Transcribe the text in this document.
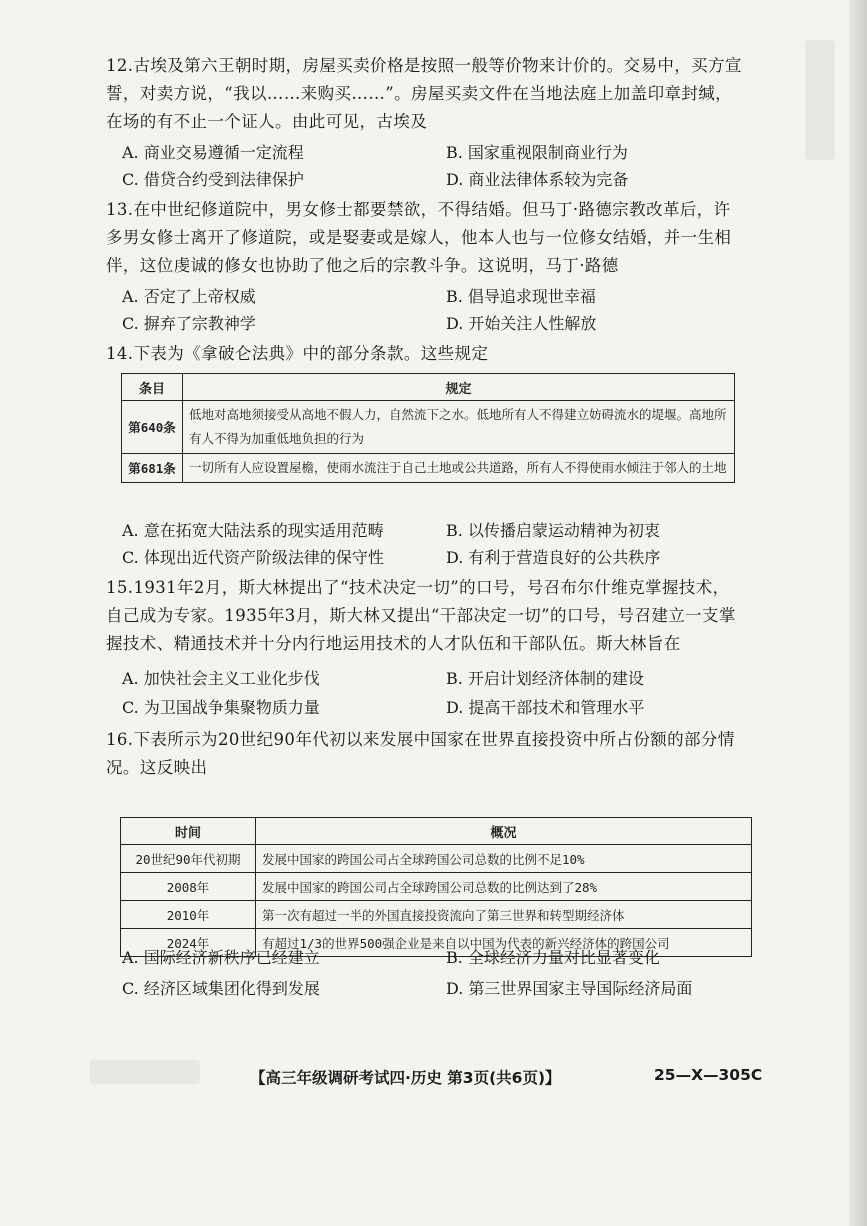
12.古埃及第六王朝时期，房屋买卖价格是按照一般等价物来计价的。交易中，买方宣誓，对卖方说，“我以……来购买……”。房屋买卖文件在当地法庭上加盖印章封缄，在场的有不止一个证人。由此可见，古埃及
A. 商业交易遵循一定流程	B. 国家重视限制商业行为
C. 借贷合约受到法律保护	D. 商业法律体系较为完备
13.在中世纪修道院中，男女修士都要禁欲，不得结婚。但马丁·路德宗教改革后，许多男女修士离开了修道院，或是娶妻或是嫁人，他本人也与一位修女结婚，并一生相伴，这位虔诚的修女也协助了他之后的宗教斗争。这说明，马丁·路德
A. 否定了上帝权威	B. 倡导追求现世幸福
C. 摒弃了宗教神学	D. 开始关注人性解放
14.下表为《拿破仑法典》中的部分条款。这些规定
条目	规定
第640条	低地对高地须接受从高地不假人力，自然流下之水。低地所有人不得建立妨碍流水的堤堰。高地所有人不得为加重低地负担的行为
第681条	一切所有人应设置屋檐，使雨水流注于自己土地或公共道路，所有人不得使雨水倾注于邻人的土地
A. 意在拓宽大陆法系的现实适用范畴	B. 以传播启蒙运动精神为初衷
C. 体现出近代资产阶级法律的保守性	D. 有利于营造良好的公共秩序
15.1931年2月，斯大林提出了“技术决定一切”的口号，号召布尔什维克掌握技术，自己成为专家。1935年3月，斯大林又提出“干部决定一切”的口号，号召建立一支掌握技术、精通技术并十分内行地运用技术的人才队伍和干部队伍。斯大林旨在
A. 加快社会主义工业化步伐	B. 开启计划经济体制的建设
C. 为卫国战争集聚物质力量	D. 提高干部技术和管理水平
16.下表所示为20世纪90年代初以来发展中国家在世界直接投资中所占份额的部分情况。这反映出
时间	概况
20世纪90年代初期	发展中国家的跨国公司占全球跨国公司总数的比例不足10%
2008年	发展中国家的跨国公司占全球跨国公司总数的比例达到了28%
2010年	第一次有超过一半的外国直接投资流向了第三世界和转型期经济体
2024年	有超过1/3的世界500强企业是来自以中国为代表的新兴经济体的跨国公司
A. 国际经济新秩序已经建立	B. 全球经济力量对比显著变化
C. 经济区域集团化得到发展	D. 第三世界国家主导国际经济局面
【高三年级调研考试四·历史 第3页(共6页)】	25—X—305C
